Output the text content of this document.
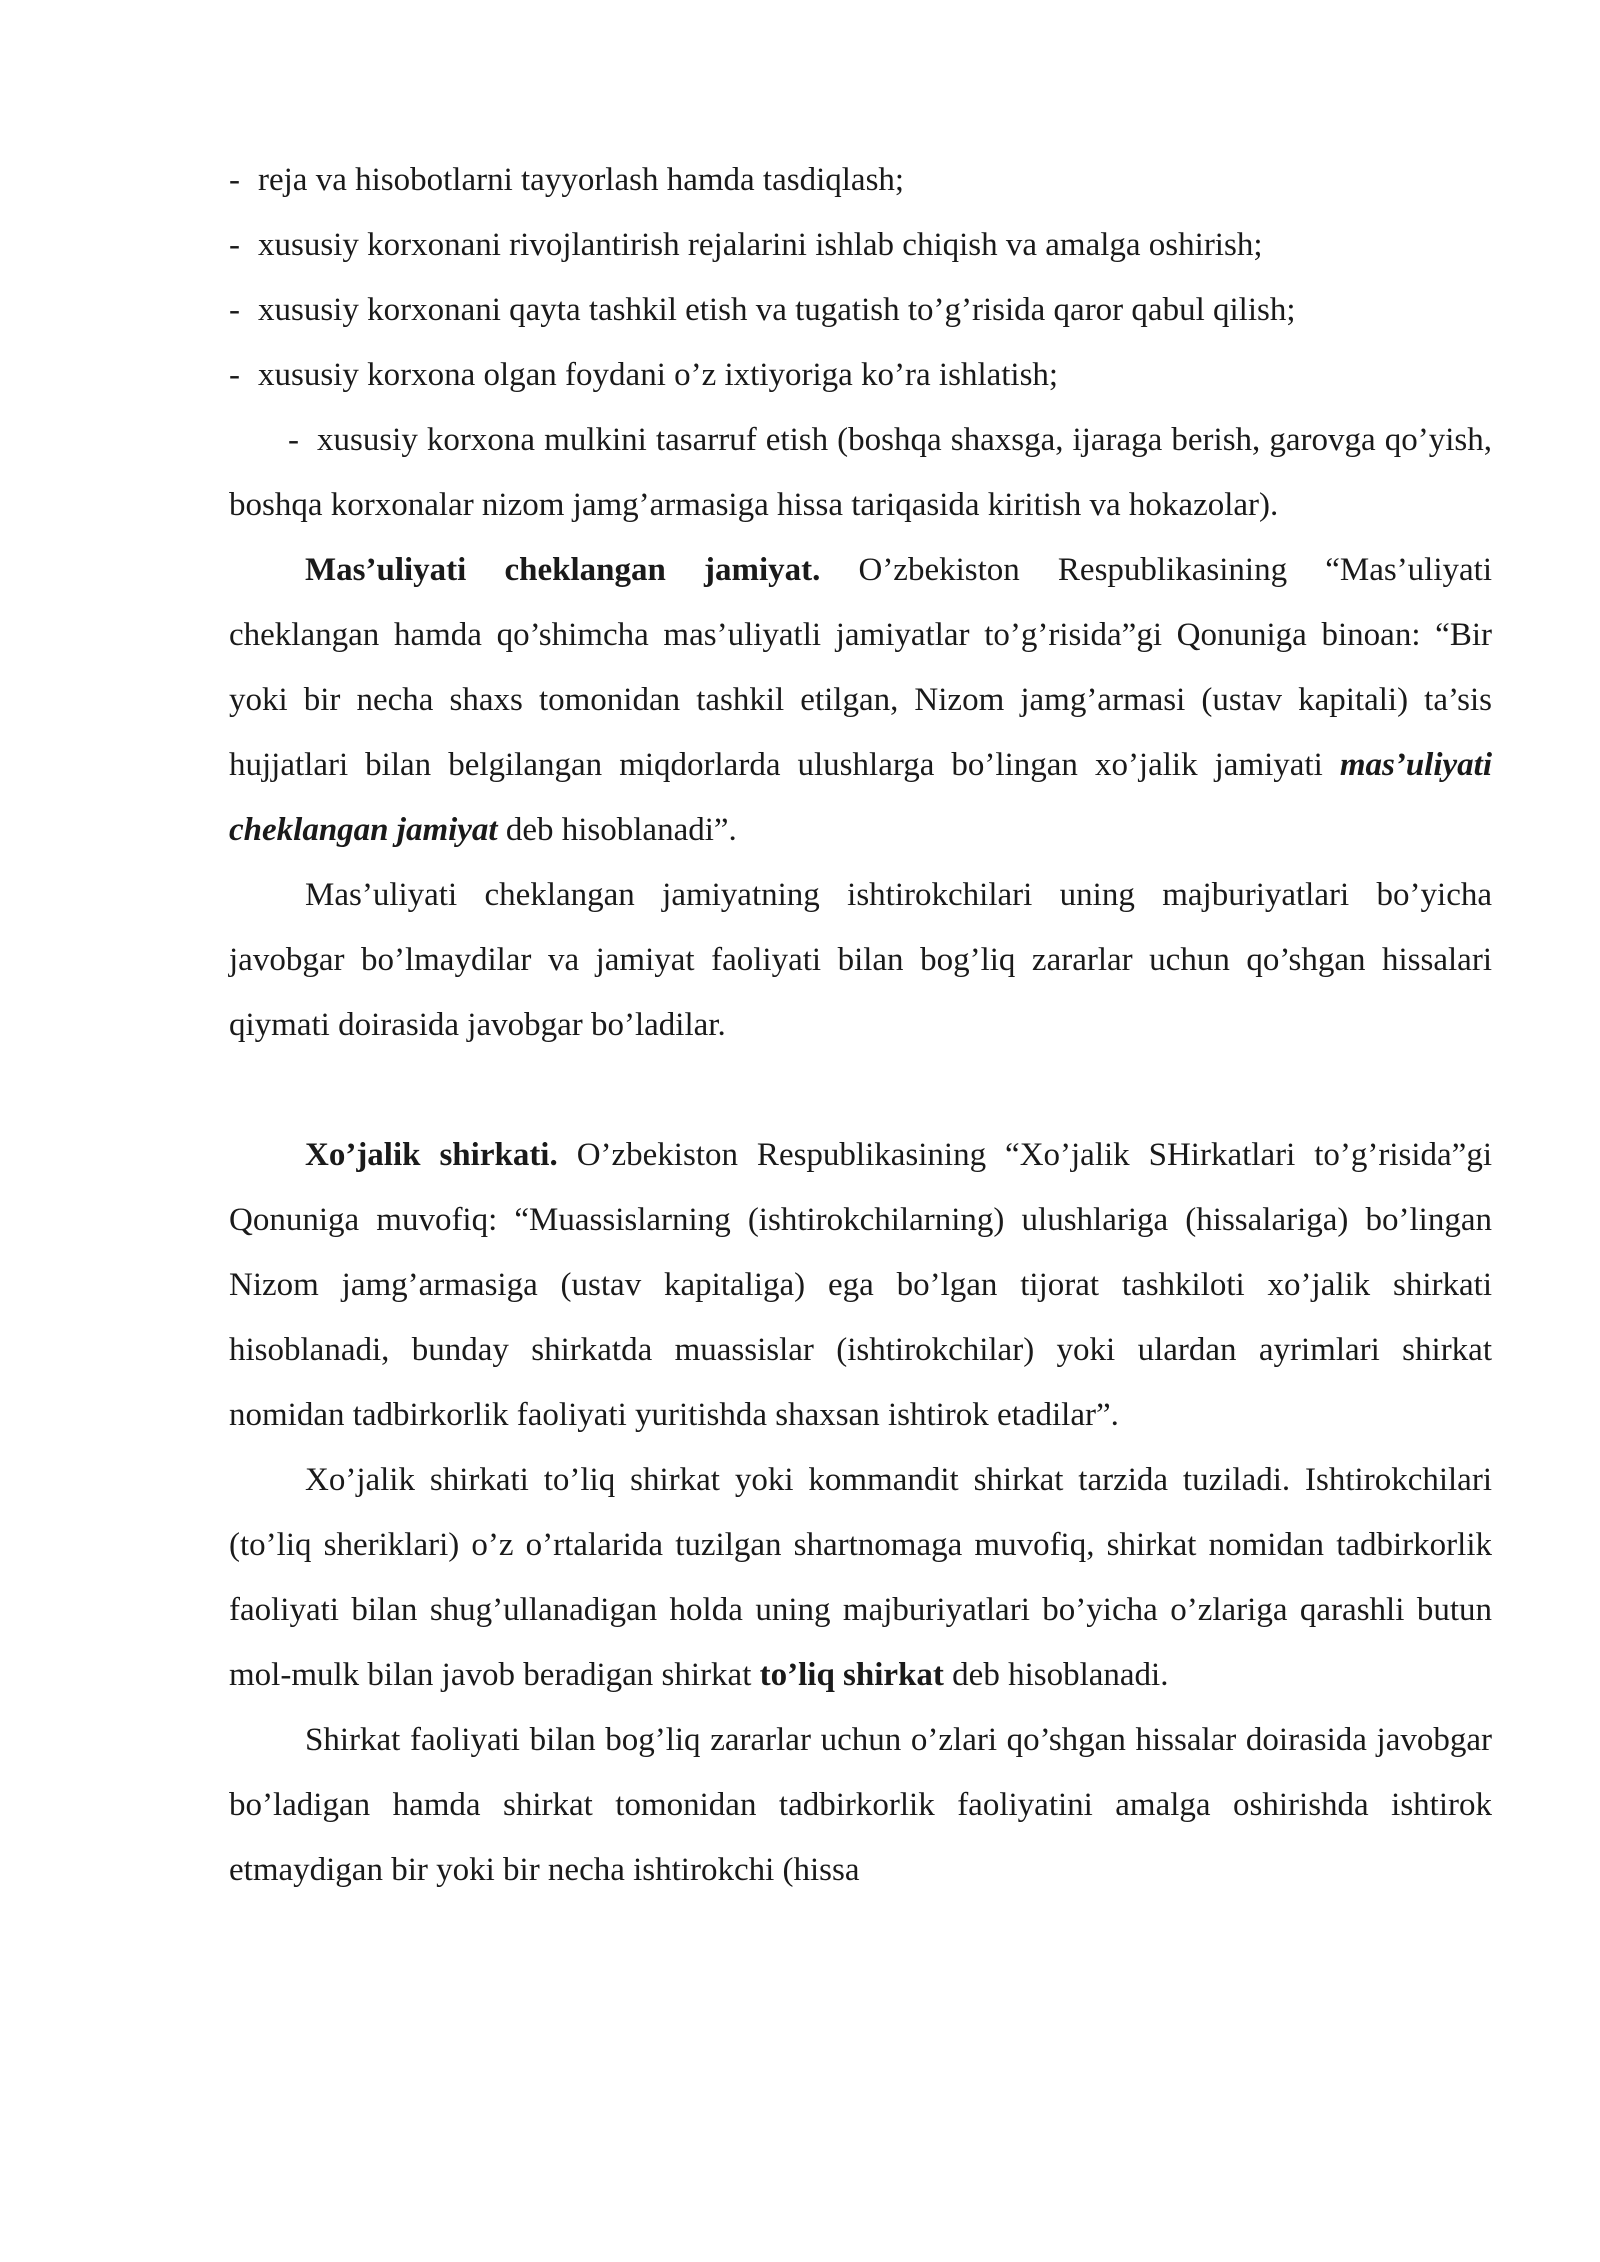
- reja va hisobotlarni tayyorlash hamda tasdiqlash;

- xususiy korxonani rivojlantirish rejalarini ishlab chiqish va amalga oshirish;

- xususiy korxonani qayta tashkil etish va tugatish to’g’risida qaror qabul qilish;

- xususiy korxona olgan foydani o’z ixtiyoriga ko’ra ishlatish;

- xususiy korxona mulkini tasarruf etish (boshqa shaxsga, ijaraga berish, garovga qo’yish, boshqa korxonalar nizom jamg’armasiga hissa tariqasida kiritish va hokazolar).

Mas’uliyati cheklangan jamiyat. O’zbekiston Respublikasining “Mas’uliyati cheklangan hamda qo’shimcha mas’uliyatli jamiyatlar to’g’risida”gi Qonuniga binoan: “Bir yoki bir necha shaxs tomonidan tashkil etilgan, Nizom jamg’armasi (ustav kapitali) ta’sis hujjatlari bilan belgilangan miqdorlarda ulushlarga bo’lingan xo’jalik jamiyati mas’uliyati cheklangan jamiyat deb hisoblanadi”.

Mas’uliyati cheklangan jamiyatning ishtirokchilari uning majburiyatlari bo’yicha javobgar bo’lmaydilar va jamiyat faoliyati bilan bog’liq zararlar uchun qo’shgan hissalari qiymati doirasida javobgar bo’ladilar.

Xo’jalik shirkati. O’zbekiston Respublikasining “Xo’jalik SHirkatlari to’g’risida”gi Qonuniga muvofiq: “Muassislarning (ishtirokchilarning) ulushlariga (hissalariga) bo’lingan Nizom jamg’armasiga (ustav kapitaliga) ega bo’lgan tijorat tashkiloti xo’jalik shirkati hisoblanadi, bunday shirkatda muassislar (ishtirokchilar) yoki ulardan ayrimlari shirkat nomidan tadbirkorlik faoliyati yuritishda shaxsan ishtirok etadilar”.

Xo’jalik shirkati to’liq shirkat yoki kommandit shirkat tarzida tuziladi. Ishtirokchilari (to’liq sheriklari) o’z o’rtalarida tuzilgan shartnomaga muvofiq, shirkat nomidan tadbirkorlik faoliyati bilan shug’ullanadigan holda uning majburiyatlari bo’yicha o’zlariga qarashli butun mol-mulk bilan javob beradigan shirkat to’liq shirkat deb hisoblanadi.

Shirkat faoliyati bilan bog’liq zararlar uchun o’zlari qo’shgan hissalar doirasida javobgar bo’ladigan hamda shirkat tomonidan tadbirkorlik faoliyatini amalga oshirishda ishtirok etmaydigan bir yoki bir necha ishtirokchi (hissa
